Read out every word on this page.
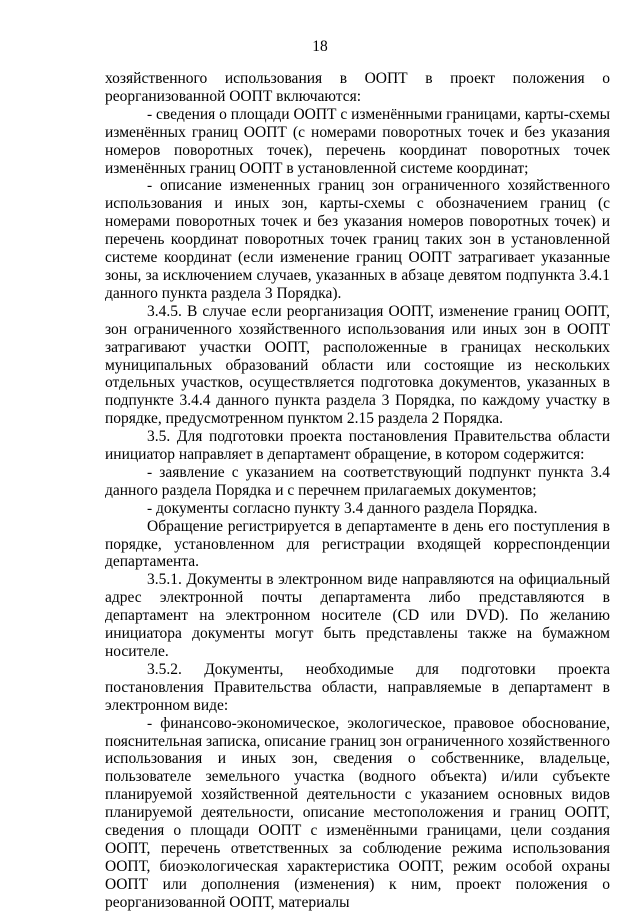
18

хозяйственного использования в ООПТ в проект положения о реорганизованной ООПТ включаются:

- сведения о площади ООПТ с изменёнными границами, карты-схемы изменённых границ ООПТ (с номерами поворотных точек и без указания номеров поворотных точек), перечень координат поворотных точек изменённых границ ООПТ в установленной системе координат;

- описание измененных границ зон ограниченного хозяйственного использования и иных зон, карты-схемы с обозначением границ (с номерами поворотных точек и без указания номеров поворотных точек) и перечень координат поворотных точек границ таких зон в установленной системе координат (если изменение границ ООПТ затрагивает указанные зоны, за исключением случаев, указанных в абзаце девятом подпункта 3.4.1 данного пункта раздела 3 Порядка).

3.4.5. В случае если реорганизация ООПТ, изменение границ ООПТ, зон ограниченного хозяйственного использования или иных зон в ООПТ затрагивают участки ООПТ, расположенные в границах нескольких муниципальных образований области или состоящие из нескольких отдельных участков, осуществляется подготовка документов, указанных в подпункте 3.4.4 данного пункта раздела 3 Порядка, по каждому участку в порядке, предусмотренном пунктом 2.15 раздела 2 Порядка.

3.5. Для подготовки проекта постановления Правительства области инициатор направляет в департамент обращение, в котором содержится:

- заявление с указанием на соответствующий подпункт пункта 3.4 данного раздела Порядка и с перечнем прилагаемых документов;

- документы согласно пункту 3.4 данного раздела Порядка.

Обращение регистрируется в департаменте в день его поступления в порядке, установленном для регистрации входящей корреспонденции департамента.

3.5.1. Документы в электронном виде направляются на официальный адрес электронной почты департамента либо представляются в департамент на электронном носителе (CD или DVD). По желанию инициатора документы могут быть представлены также на бумажном носителе.

3.5.2. Документы, необходимые для подготовки проекта постановления Правительства области, направляемые в департамент в электронном виде:

- финансово-экономическое, экологическое, правовое обоснование, пояснительная записка, описание границ зон ограниченного хозяйственного использования и иных зон, сведения о собственнике, владельце, пользователе земельного участка (водного объекта) и/или субъекте планируемой хозяйственной деятельности с указанием основных видов планируемой деятельности, описание местоположения и границ ООПТ, сведения о площади ООПТ с изменёнными границами, цели создания ООПТ, перечень ответственных за соблюдение режима использования ООПТ, биоэкологическая характеристика ООПТ, режим особой охраны ООПТ или дополнения (изменения) к ним, проект положения о реорганизованной ООПТ, материалы
